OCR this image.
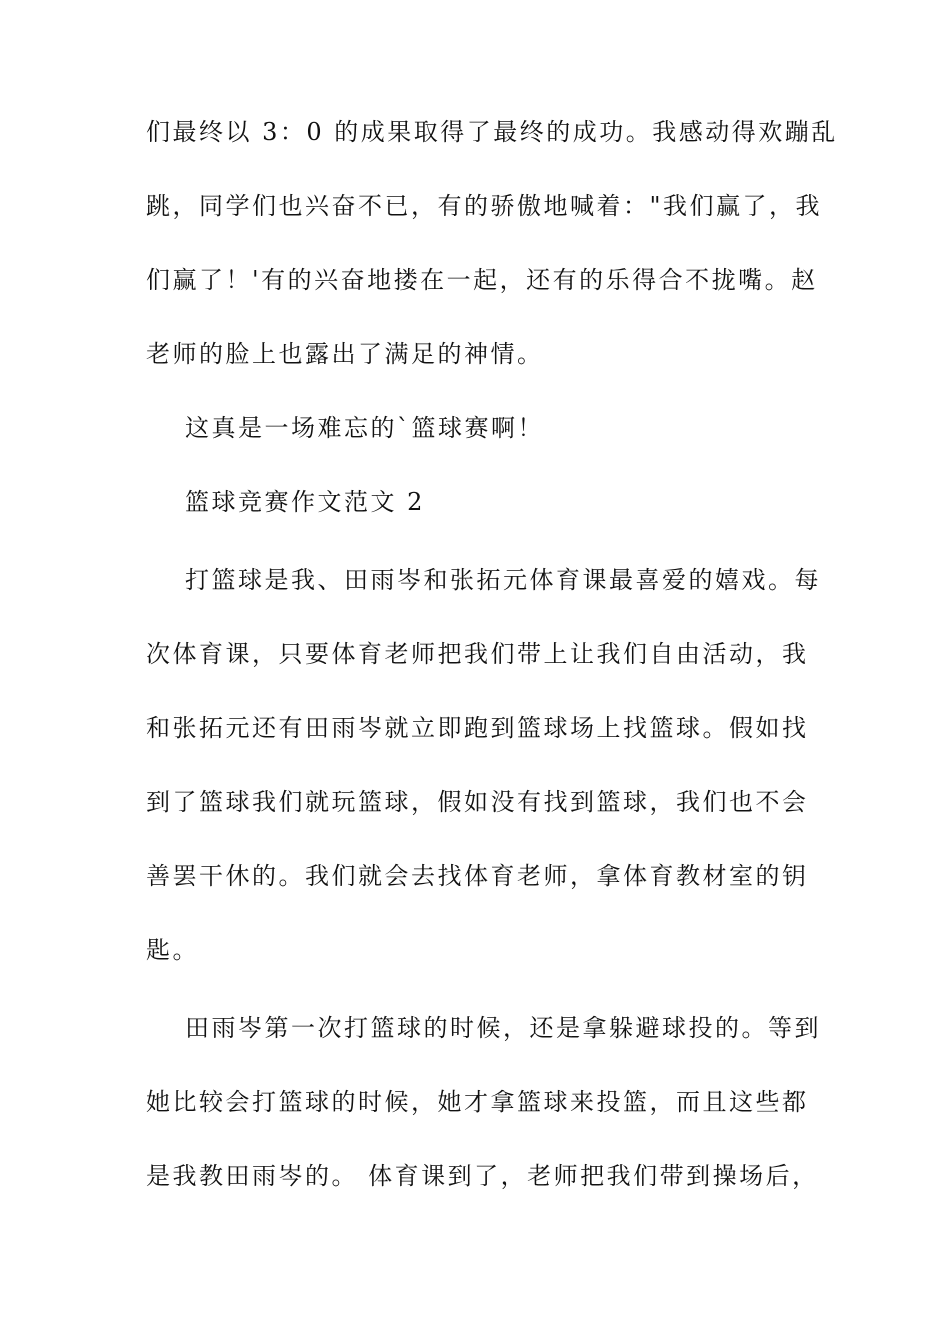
们最终以 3：0 的成果取得了最终的成功。我感动得欢蹦乱
跳，同学们也兴奋不已，有的骄傲地喊着："我们赢了，我
们赢了！'有的兴奋地搂在一起，还有的乐得合不拢嘴。赵
老师的脸上也露出了满足的神情。
这真是一场难忘的`篮球赛啊！
篮球竞赛作文范文 2
打篮球是我、田雨岑和张拓元体育课最喜爱的嬉戏。每
次体育课，只要体育老师把我们带上让我们自由活动，我
和张拓元还有田雨岑就立即跑到篮球场上找篮球。假如找
到了篮球我们就玩篮球，假如没有找到篮球，我们也不会
善罢干休的。我们就会去找体育老师，拿体育教材室的钥
匙。
田雨岑第一次打篮球的时候，还是拿躲避球投的。等到
她比较会打篮球的时候，她才拿篮球来投篮，而且这些都
是我教田雨岑的。 体育课到了，老师把我们带到操场后，
